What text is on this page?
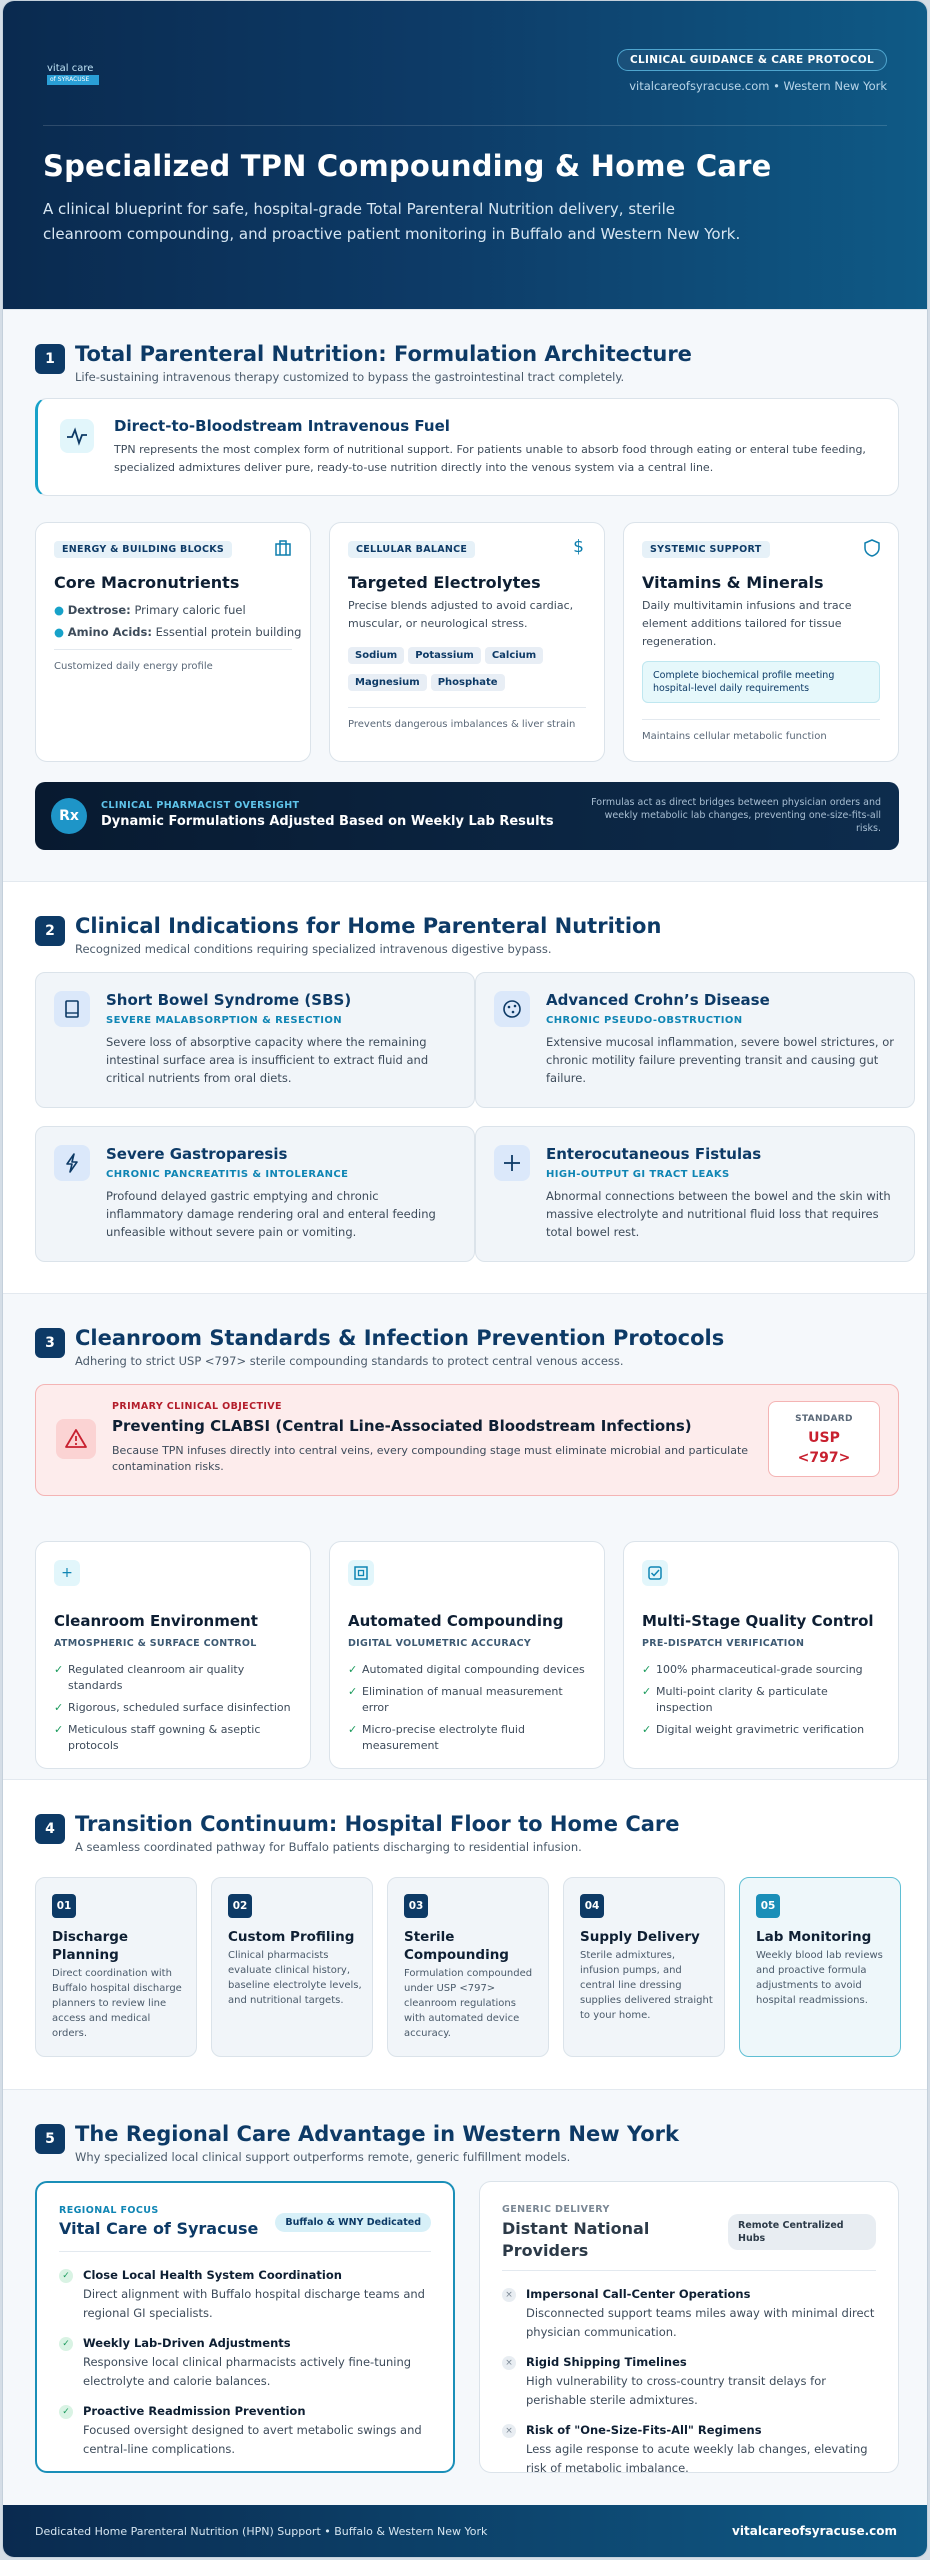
vital care
of SYRACUSE
CLINICAL GUIDANCE & CARE PROTOCOL
vitalcareofsyracuse.com • Western New York
Specialized TPN Compounding & Home Care

A clinical blueprint for safe, hospital-grade Total Parenteral Nutrition delivery, sterile cleanroom compounding, and proactive patient monitoring in Buffalo and Western New York.

1 Total Parenteral Nutrition: Formulation Architecture
Life-sustaining intravenous therapy customized to bypass the gastrointestinal tract completely.
Direct-to-Bloodstream Intravenous Fuel
TPN represents the most complex form of nutritional support. For patients unable to absorb food through eating or enteral tube feeding, specialized admixtures deliver pure, ready-to-use nutrition directly into the venous system via a central line.
ENERGY & BUILDING BLOCKS
Core Macronutrients
● Dextrose: Primary caloric fuel
● Amino Acids: Essential protein building
Customized daily energy profile
CELLULAR BALANCE	$
Targeted Electrolytes
Precise blends adjusted to avoid cardiac, muscular, or neurological stress.
Sodium Potassium CalciumMagnesium Phosphate
Prevents dangerous imbalances & liver strain
SYSTEMIC SUPPORT
Vitamins & Minerals
Daily multivitamin infusions and trace element additions tailored for tissue regeneration.
Complete biochemical profile meeting hospital-level daily requirements
Maintains cellular metabolic function
Rx
CLINICAL PHARMACIST OVERSIGHT
Dynamic Formulations Adjusted Based on Weekly Lab Results
Formulas act as direct bridges between physician orders and weekly metabolic lab changes, preventing one-size-fits-all risks.
2 Clinical Indications for Home Parenteral Nutrition
Recognized medical conditions requiring specialized intravenous digestive bypass.
Short Bowel Syndrome (SBS)
SEVERE MALABSORPTION & RESECTION
Severe loss of absorptive capacity where the remaining intestinal surface area is insufficient to extract fluid and critical nutrients from oral diets.
Advanced Crohn’s Disease
CHRONIC PSEUDO-OBSTRUCTION
Extensive mucosal inflammation, severe bowel strictures, or chronic motility failure preventing transit and causing gut failure.
Severe Gastroparesis
CHRONIC PANCREATITIS & INTOLERANCE
Profound delayed gastric emptying and chronic inflammatory damage rendering oral and enteral feeding unfeasible without severe pain or vomiting.
Enterocutaneous Fistulas
HIGH-OUTPUT GI TRACT LEAKS
Abnormal connections between the bowel and the skin with massive electrolyte and nutritional fluid loss that requires total bowel rest.
3 Cleanroom Standards & Infection Prevention Protocols
Adhering to strict USP <797> sterile compounding standards to protect central venous access.
PRIMARY CLINICAL OBJECTIVE
Preventing CLABSI (Central Line-Associated Bloodstream Infections)
Because TPN infuses directly into central veins, every compounding stage must eliminate microbial and particulate contamination risks.
STANDARD
USP <797>
+
Cleanroom Environment
ATMOSPHERIC & SURFACE CONTROL
✓ Regulated cleanroom air quality standards
✓ Rigorous, scheduled surface disinfection
✓ Meticulous staff gowning & aseptic protocols
Automated Compounding
DIGITAL VOLUMETRIC ACCURACY
✓ Automated digital compounding devices
✓ Elimination of manual measurement error
✓ Micro-precise electrolyte fluid measurement
Multi-Stage Quality Control
PRE-DISPATCH VERIFICATION
✓ 100% pharmaceutical-grade sourcing
✓ Multi-point clarity & particulate inspection
✓ Digital weight gravimetric verification
4 Transition Continuum: Hospital Floor to Home Care
A seamless coordinated pathway for Buffalo patients discharging to residential infusion.
01
Discharge Planning
Direct coordination with Buffalo hospital discharge planners to review line access and medical orders.
02
Custom Profiling
Clinical pharmacists evaluate clinical history, baseline electrolyte levels, and nutritional targets.
03
Sterile Compounding
Formulation compounded under USP <797> cleanroom regulations with automated device accuracy.
04
Supply Delivery
Sterile admixtures, infusion pumps, and central line dressing supplies delivered straight to your home.
05
Lab Monitoring
Weekly blood lab reviews and proactive formula adjustments to avoid hospital readmissions.
5 The Regional Care Advantage in Western New York
Why specialized local clinical support outperforms remote, generic fulfillment models.
REGIONAL FOCUS
Vital Care of Syracuse	Buffalo & WNY Dedicated
✓ Close Local Health System Coordination
Direct alignment with Buffalo hospital discharge teams and regional GI specialists.
✓ Weekly Lab-Driven Adjustments
Responsive local clinical pharmacists actively fine-tuning electrolyte and calorie balances.
✓ Proactive Readmission Prevention
Focused oversight designed to avert metabolic swings and central-line complications.
GENERIC DELIVERY
Distant National Providers
Remote Centralized Hubs
× Impersonal Call-Center Operations
Disconnected support teams miles away with minimal direct physician communication.
× Rigid Shipping Timelines
High vulnerability to cross-country transit delays for perishable sterile admixtures.
× Risk of "One-Size-Fits-All" Regimens
Less agile response to acute weekly lab changes, elevating risk of metabolic imbalance.
Dedicated Home Parenteral Nutrition (HPN) Support • Buffalo & Western New York	vitalcareofsyracuse.com
